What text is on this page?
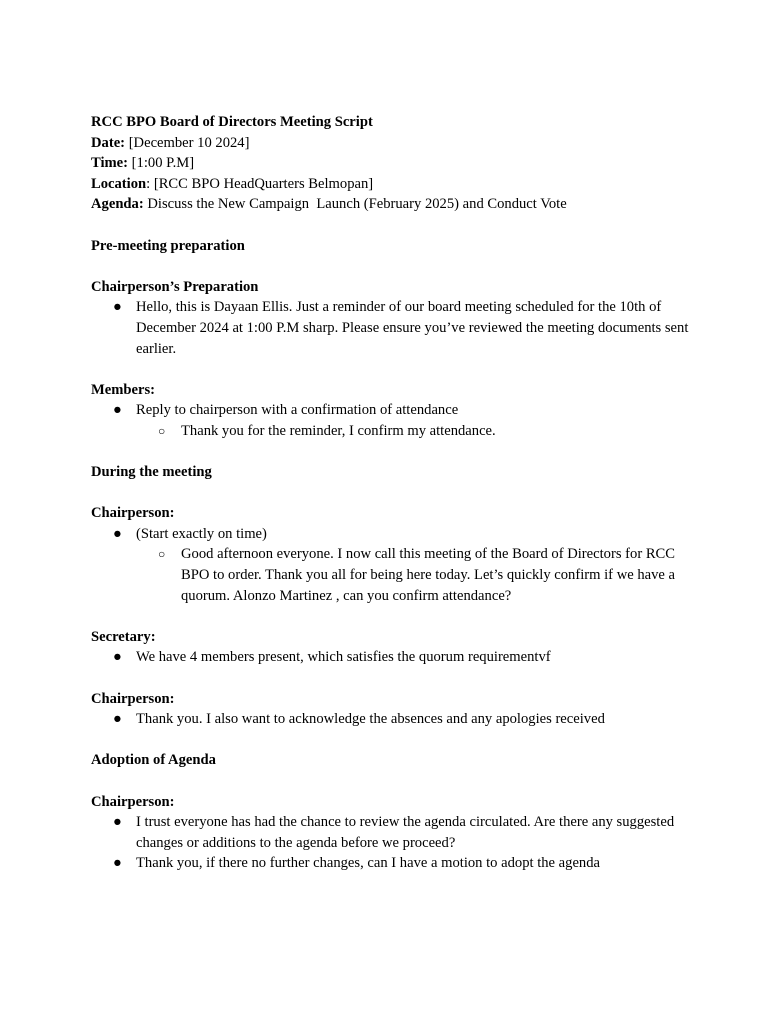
RCC BPO Board of Directors Meeting Script

Date: [December 10 2024]

Time: [1:00 P.M]

Location: [RCC BPO HeadQuarters Belmopan]

Agenda: Discuss the New Campaign  Launch (February 2025) and Conduct Vote

Pre-meeting preparation

Chairperson’s Preparation

● Hello, this is Dayaan Ellis. Just a reminder of our board meeting scheduled for the 10th of December 2024 at 1:00 P.M sharp. Please ensure you’ve reviewed the meeting documents sent earlier.

Members:

● Reply to chairperson with a confirmation of attendance
○ Thank you for the reminder, I confirm my attendance.

During the meeting

Chairperson:

● (Start exactly on time)
○ Good afternoon everyone. I now call this meeting of the Board of Directors for RCC BPO to order. Thank you all for being here today. Let’s quickly confirm if we have a quorum. Alonzo Martinez , can you confirm attendance?

Secretary:

● We have 4 members present, which satisfies the quorum requirementvf

Chairperson:

● Thank you. I also want to acknowledge the absences and any apologies received

Adoption of Agenda

Chairperson:

● I trust everyone has had the chance to review the agenda circulated. Are there any suggested changes or additions to the agenda before we proceed?
● Thank you, if there no further changes, can I have a motion to adopt the agenda
